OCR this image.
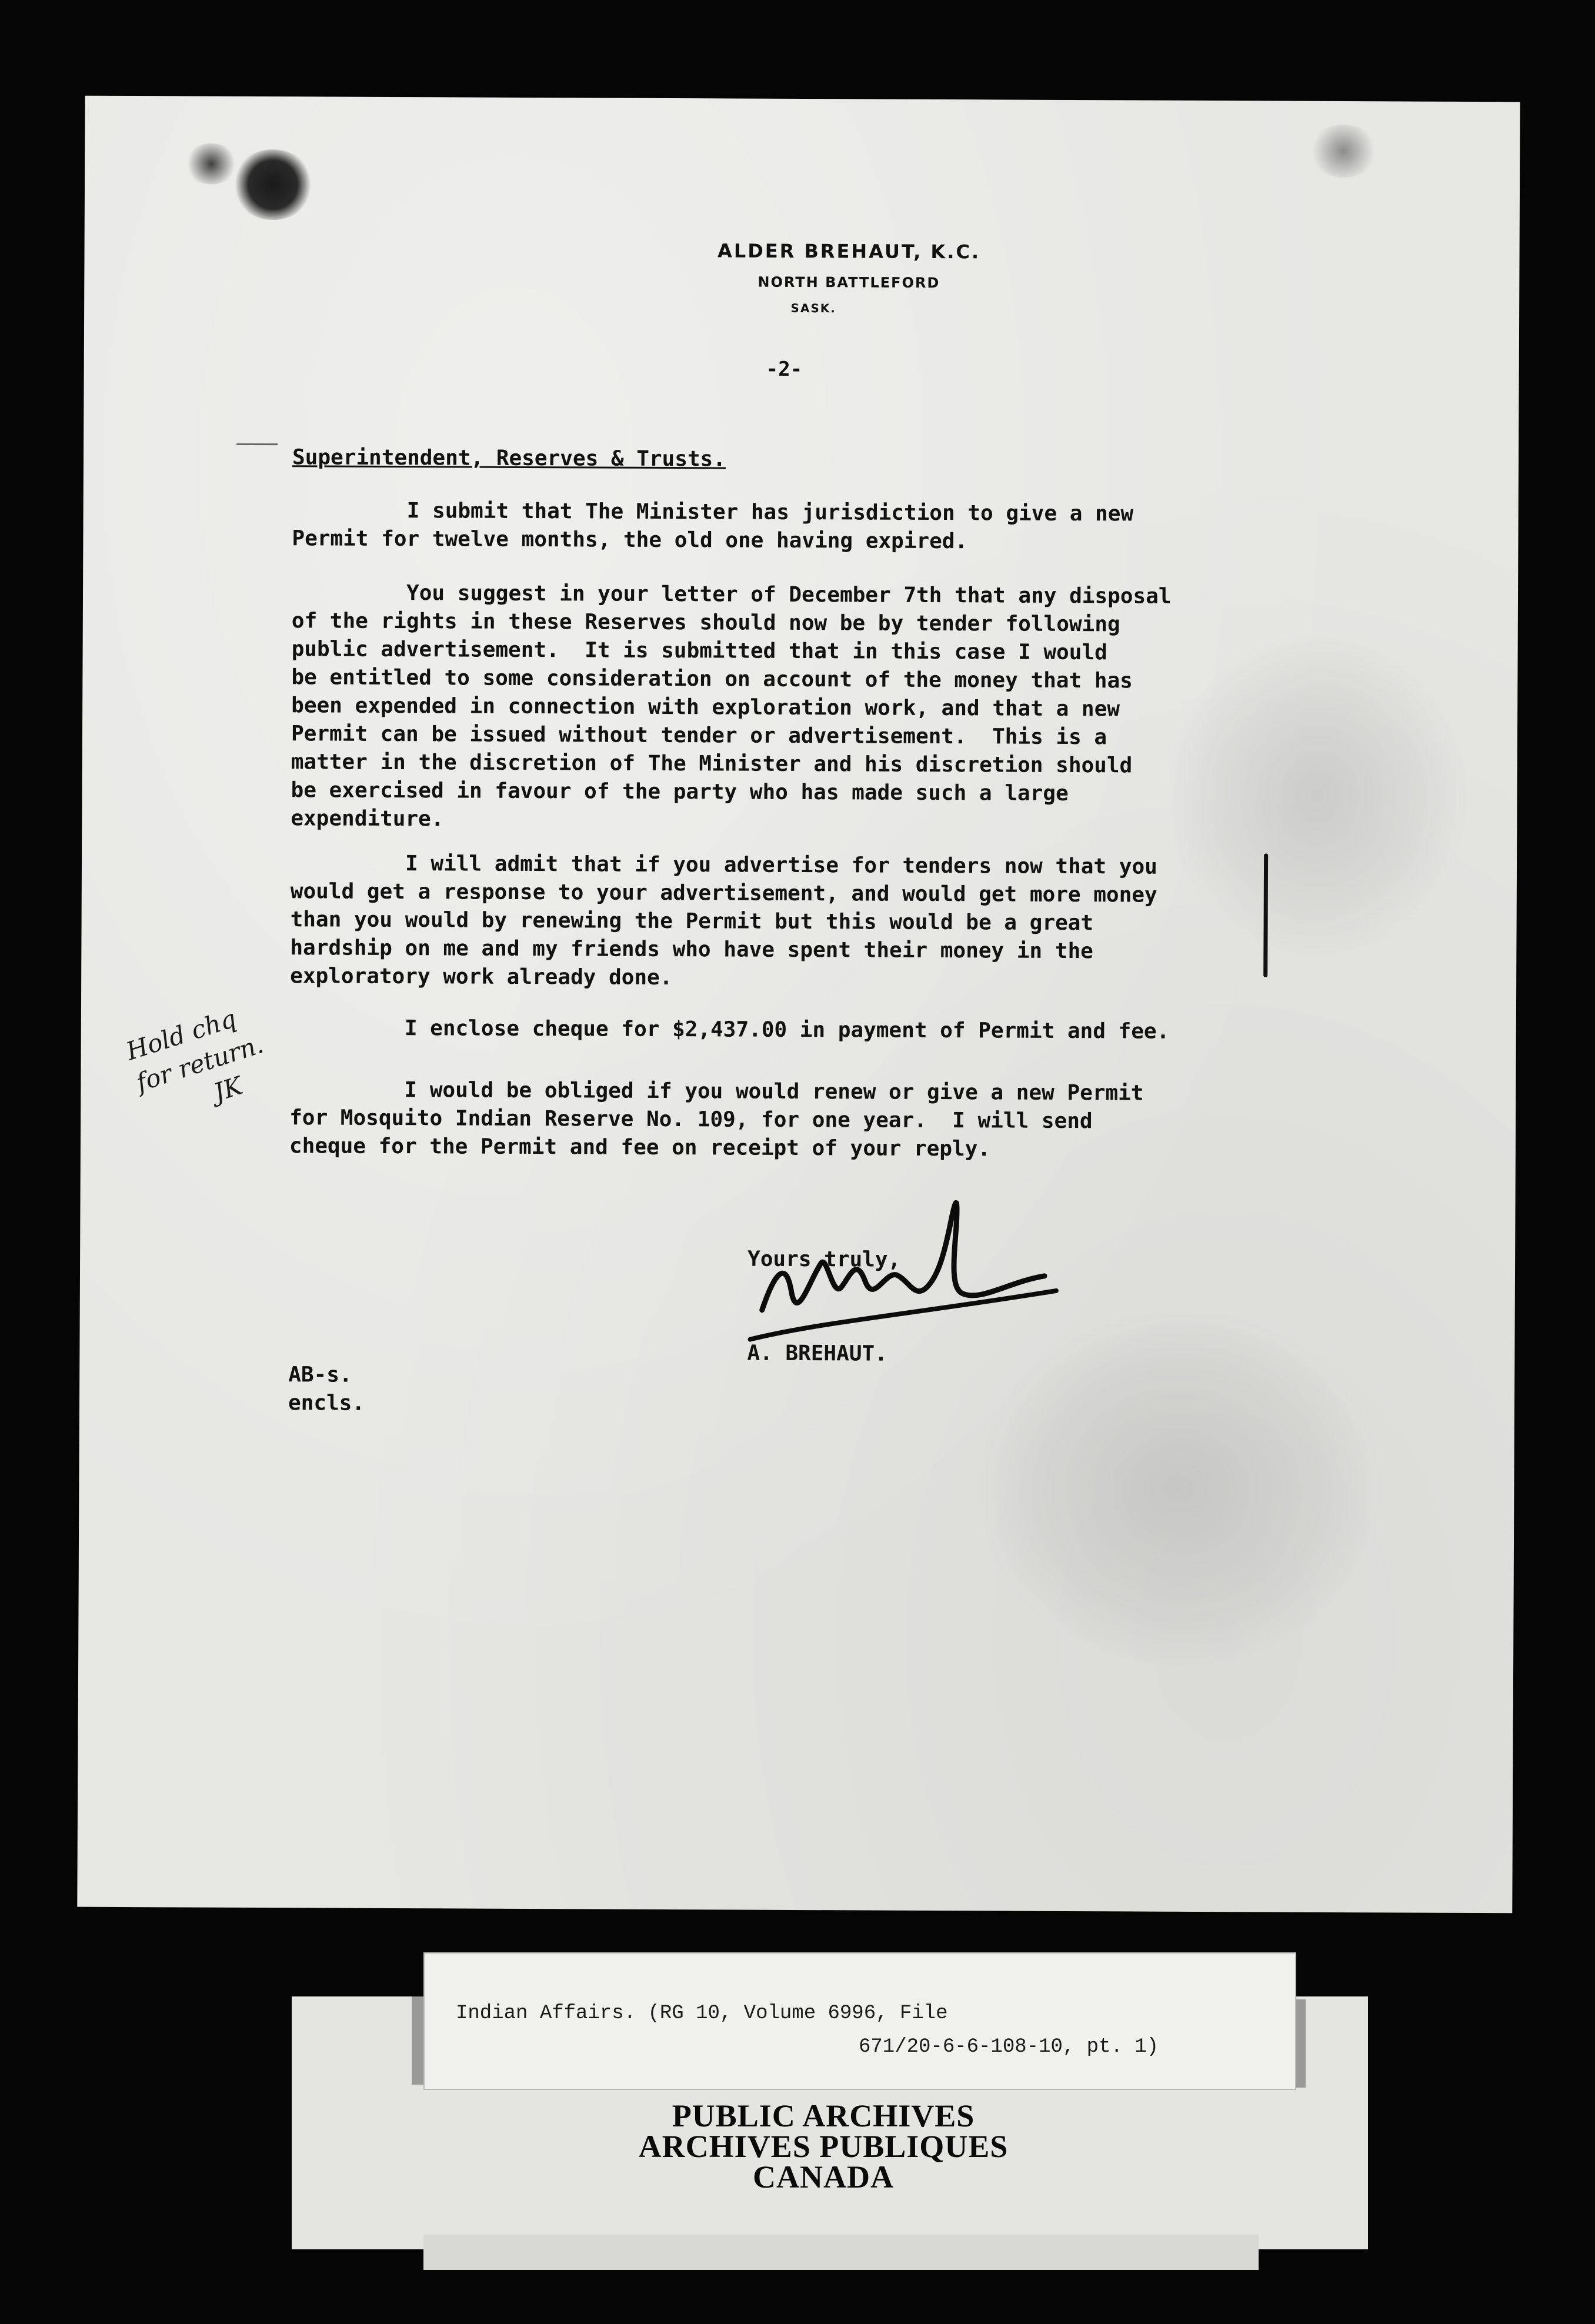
ALDER BREHAUT, K.C.
NORTH BATTLEFORD
SASK.
-2-
Superintendent, Reserves & Trusts.

I submit that The Minister has jurisdiction to give a new
Permit for twelve months, the old one having expired.

You suggest in your letter of December 7th that any disposal
of the rights in these Reserves should now be by tender following
public advertisement.  It is submitted that in this case I would
be entitled to some consideration on account of the money that has
been expended in connection with exploration work, and that a new
Permit can be issued without tender or advertisement.  This is a
matter in the discretion of The Minister and his discretion should
be exercised in favour of the party who has made such a large
expenditure.

I will admit that if you advertise for tenders now that you
would get a response to your advertisement, and would get more money
than you would by renewing the Permit but this would be a great
hardship on me and my friends who have spent their money in the
exploratory work already done.

I enclose cheque for $2,437.00 in payment of Permit and fee.

I would be obliged if you would renew or give a new Permit
for Mosquito Indian Reserve No. 109, for one year.  I will send
cheque for the Permit and fee on receipt of your reply.

Hold chq
for return.
JK
Yours truly,
A. BREHAUT.
AB-s.
encls.
Indian Affairs. (RG 10, Volume 6996, File
671/20-6-6-108-10, pt. 1)
PUBLIC ARCHIVES
ARCHIVES PUBLIQUES
CANADA
